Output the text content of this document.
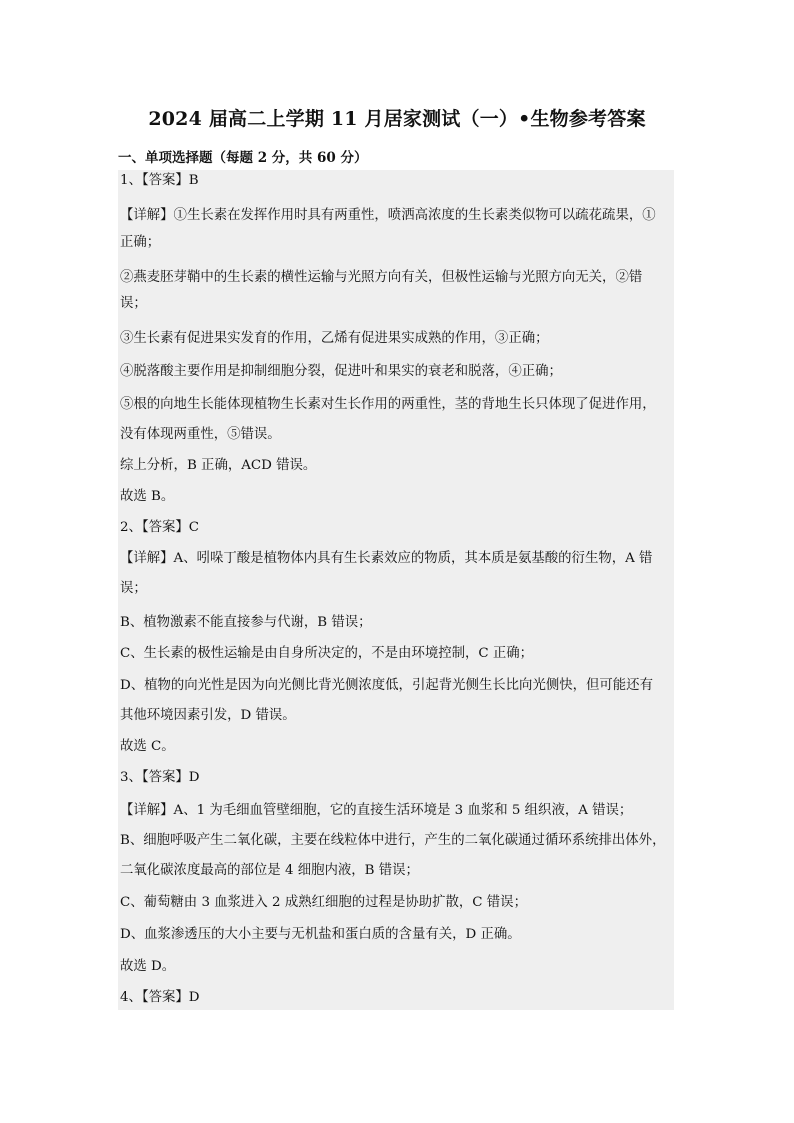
2024 届高二上学期 11 月居家测试（一）•生物参考答案
一、单项选择题（每题 2 分，共 60 分）
1、【答案】B
【详解】①生长素在发挥作用时具有两重性，喷洒高浓度的生长素类似物可以疏花疏果，①
正确；
②燕麦胚芽鞘中的生长素的横性运输与光照方向有关，但极性运输与光照方向无关，②错
误；
③生长素有促进果实发育的作用，乙烯有促进果实成熟的作用，③正确；
④脱落酸主要作用是抑制细胞分裂，促进叶和果实的衰老和脱落，④正确；
⑤根的向地生长能体现植物生长素对生长作用的两重性，茎的背地生长只体现了促进作用，
没有体现两重性，⑤错误。
综上分析，B 正确，ACD 错误。
故选 B。
2、【答案】C
【详解】A、吲哚丁酸是植物体内具有生长素效应的物质，其本质是氨基酸的衍生物，A 错
误；
B、植物激素不能直接参与代谢，B 错误；
C、生长素的极性运输是由自身所决定的，不是由环境控制，C 正确；
D、植物的向光性是因为向光侧比背光侧浓度低，引起背光侧生长比向光侧快，但可能还有
其他环境因素引发，D 错误。
故选 C。
3、【答案】D
【详解】A、1 为毛细血管壁细胞，它的直接生活环境是 3 血浆和 5 组织液，A 错误；
B、细胞呼吸产生二氧化碳，主要在线粒体中进行，产生的二氧化碳通过循环系统排出体外，
二氧化碳浓度最高的部位是 4 细胞内液，B 错误；
C、葡萄糖由 3 血浆进入 2 成熟红细胞的过程是协助扩散，C 错误；
D、血浆渗透压的大小主要与无机盐和蛋白质的含量有关，D 正确。
故选 D。
4、【答案】D
